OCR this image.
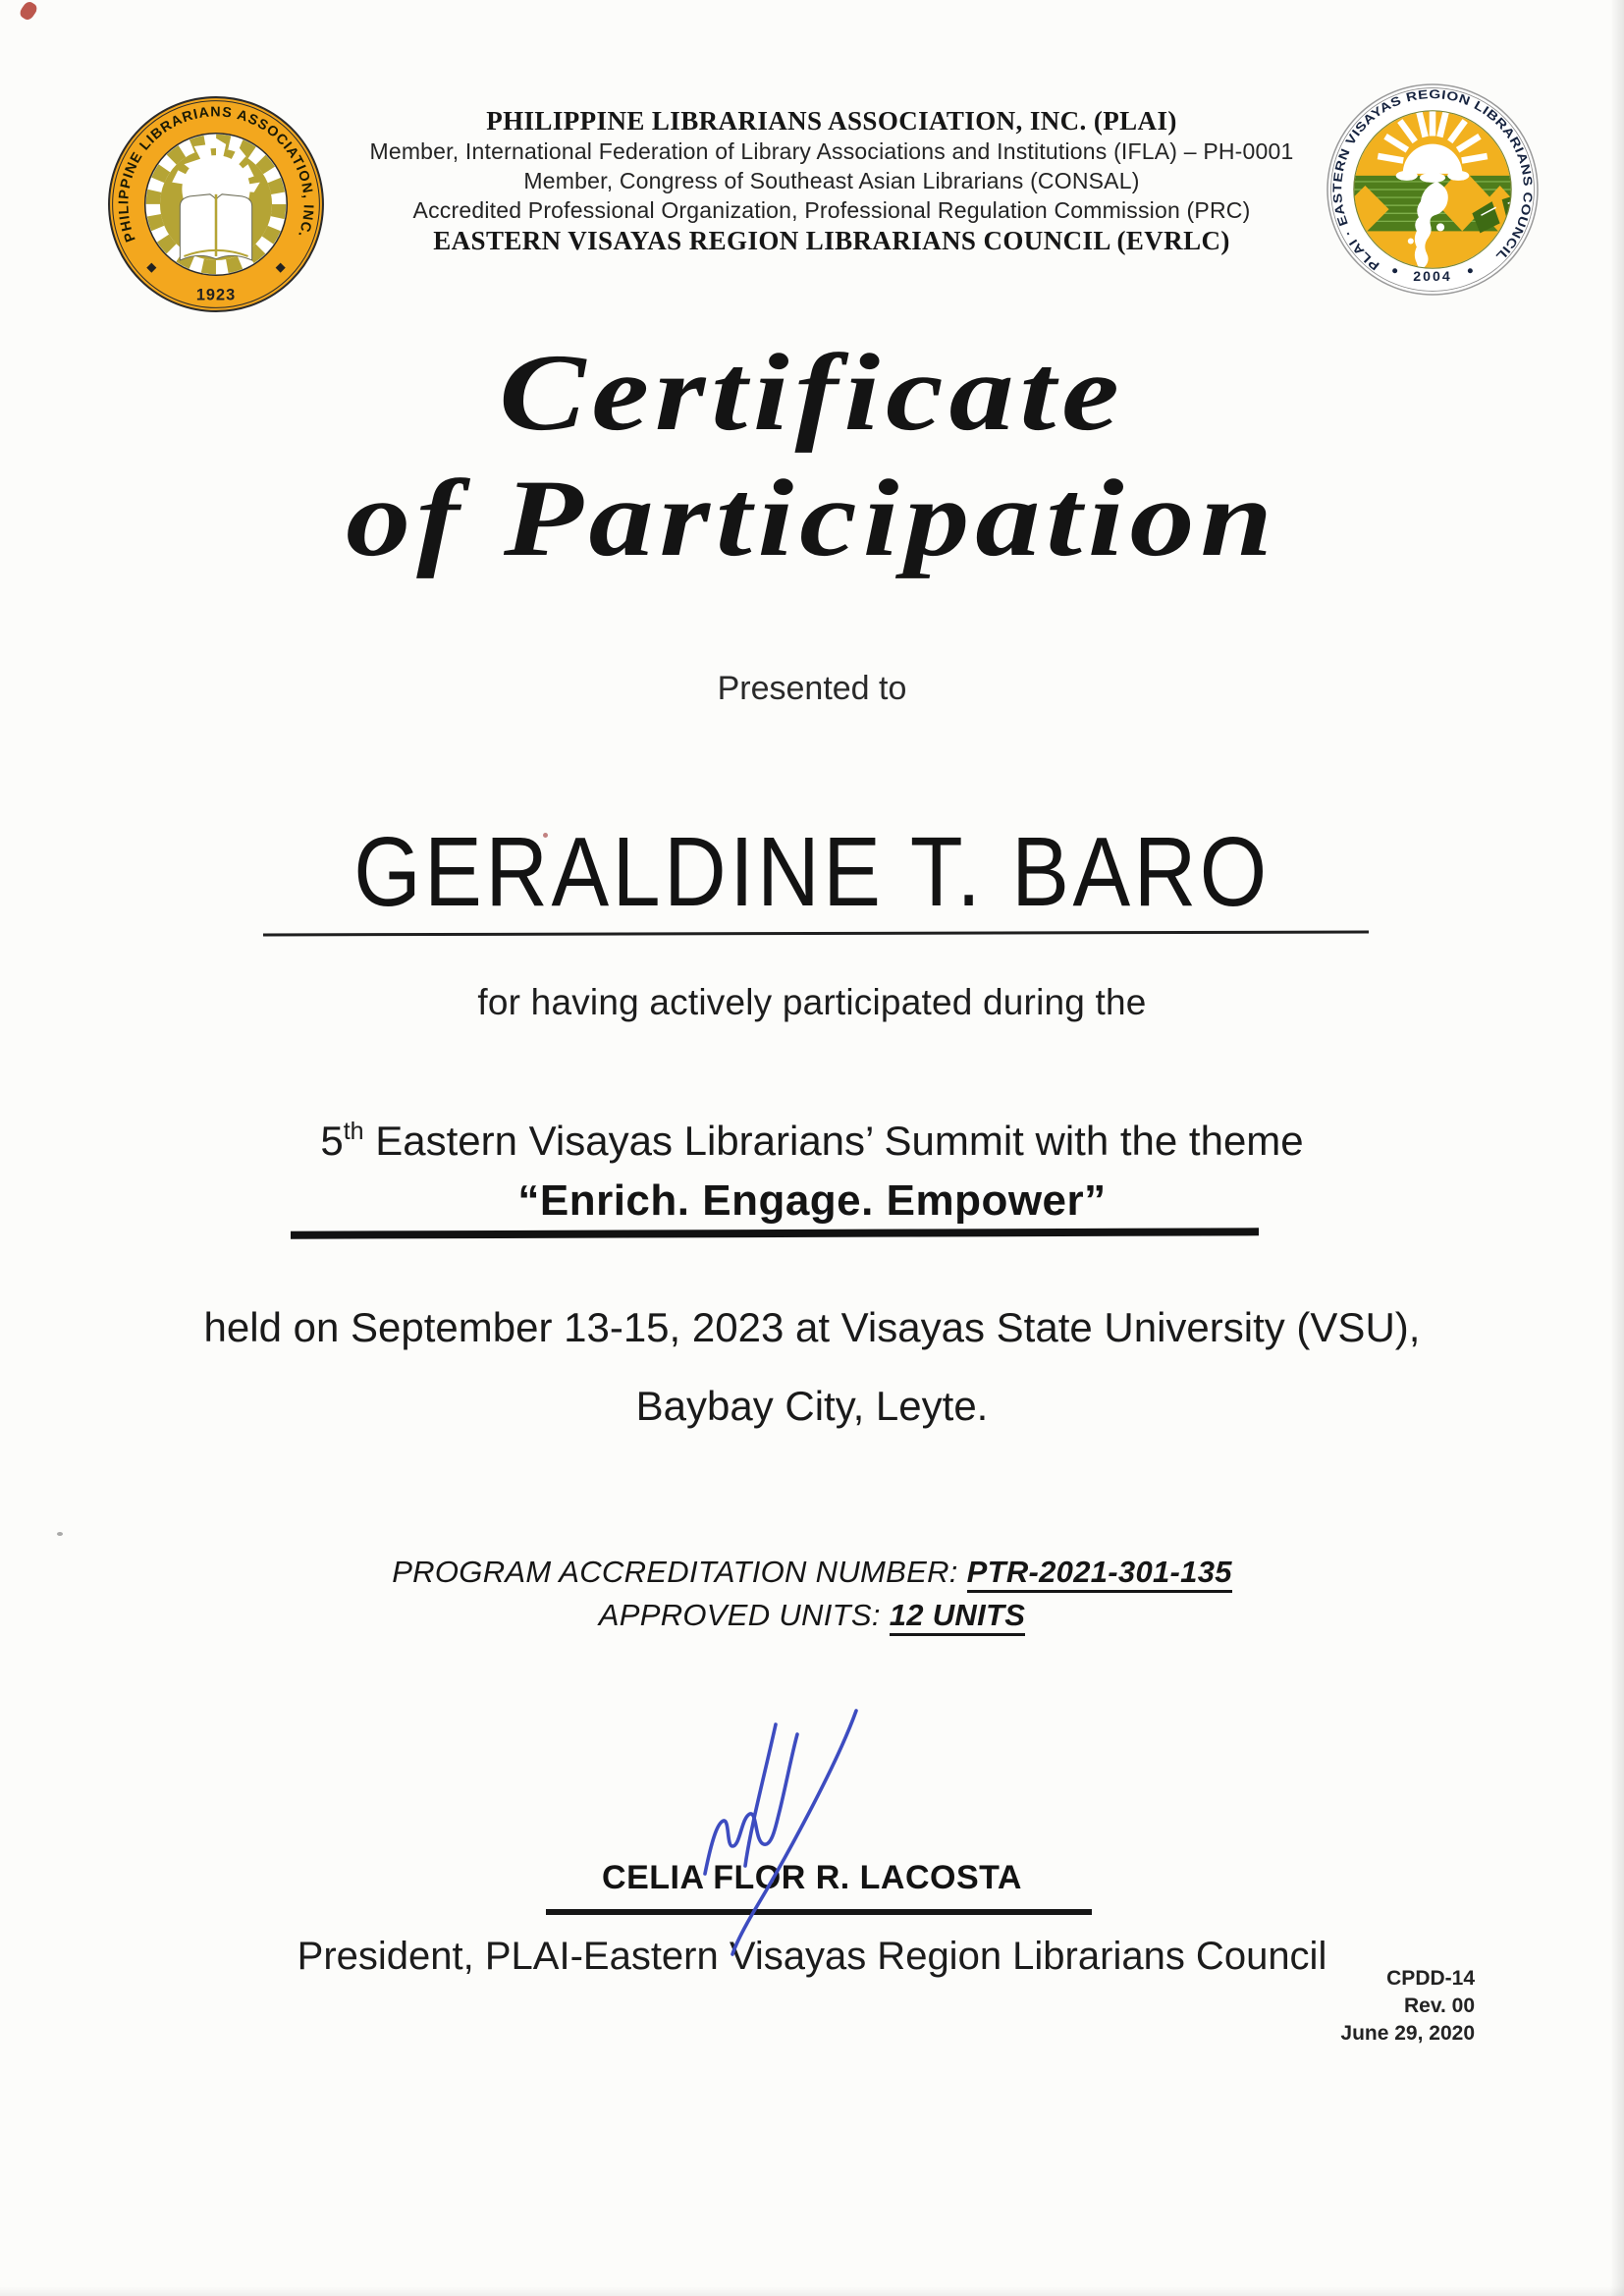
PHILIPPINE LIBRARIANS ASSOCIATION, INC.
1923
PLAI · EASTERN VISAYAS REGION LIBRARIANS COUNCIL
2004
PHILIPPINE LIBRARIANS ASSOCIATION, INC. (PLAI)
Member, International Federation of Library Associations and Institutions (IFLA) – PH-0001
Member, Congress of Southeast Asian Librarians (CONSAL)
Accredited Professional Organization, Professional Regulation Commission (PRC)
EASTERN VISAYAS REGION LIBRARIANS COUNCIL (EVRLC)
Certificate
of Participation
Presented to
GERALDINE T. BARO
for having actively participated during the
5th Eastern Visayas Librarians’ Summit with the theme
“Enrich. Engage. Empower”
held on September 13-15, 2023 at Visayas State University (VSU),
Baybay City, Leyte.
PROGRAM ACCREDITATION NUMBER: PTR-2021-301-135
APPROVED UNITS: 12 UNITS
CELIA FLOR R. LACOSTA
President, PLAI-Eastern Visayas Region Librarians Council
CPDD-14
Rev. 00
June 29, 2020
